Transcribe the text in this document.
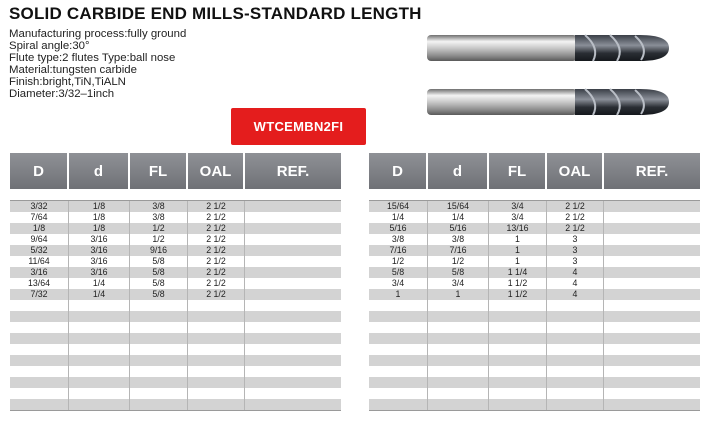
SOLID CARBIDE END MILLS-STANDARD LENGTH
Manufacturing process:fully ground
Spiral angle:30°
Flute type:2 flutes Type:ball nose
Material:tungsten carbide
Finish:bright,TiN,TiALN
Diameter:3/32–1inch
WTCEMBN2FI
D	d	FL	OAL	REF.
3/32	1/8	3/8	2 1/2
7/64	1/8	3/8	2 1/2
1/8	1/8	1/2	2 1/2
9/64	3/16	1/2	2 1/2
5/32	3/16	9/16	2 1/2
11/64	3/16	5/8	2 1/2
3/16	3/16	5/8	2 1/2
13/64	1/4	5/8	2 1/2
7/32	1/4	5/8	2 1/2
D	d	FL	OAL	REF.
15/64	15/64	3/4	2 1/2
1/4	1/4	3/4	2 1/2
5/16	5/16	13/16	2 1/2
3/8	3/8	1	3
7/16	7/16	1	3
1/2	1/2	1	3
5/8	5/8	1 1/4	4
3/4	3/4	1 1/2	4
1	1	1 1/2	4
